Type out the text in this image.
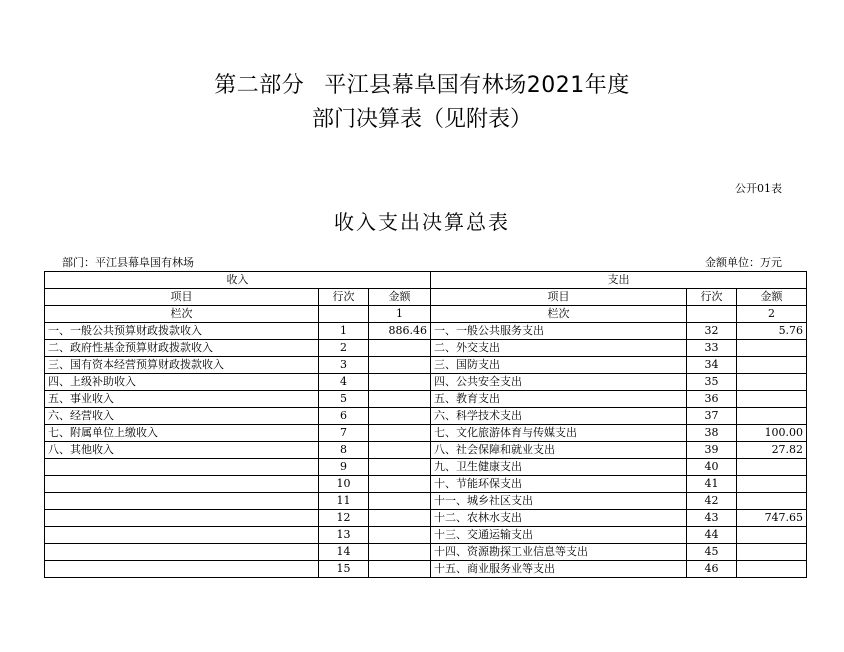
第二部分 平江县幕阜国有林场2021年度
部门决算表（见附表）
公开01表
收入支出决算总表
部门：平江县幕阜国有林场	金额单位：万元
收入			支出		
项目	行次	金额	项目	行次	金额
栏次		1	栏次		2
一、一般公共预算财政拨款收入	1	886.46	一、一般公共服务支出	32	5.76
二、政府性基金预算财政拨款收入	2		二、外交支出	33	
三、国有资本经营预算财政拨款收入	3		三、国防支出	34	
四、上级补助收入	4		四、公共安全支出	35	
五、事业收入	5		五、教育支出	36	
六、经营收入	6		六、科学技术支出	37	
七、附属单位上缴收入	7		七、文化旅游体育与传媒支出	38	100.00
八、其他收入	8		八、社会保障和就业支出	39	27.82
	9		九、卫生健康支出	40	
	10		十、节能环保支出	41	
	11		十一、城乡社区支出	42	
	12		十二、农林水支出	43	747.65
	13		十三、交通运输支出	44	
	14		十四、资源勘探工业信息等支出	45	
	15		十五、商业服务业等支出	46	
